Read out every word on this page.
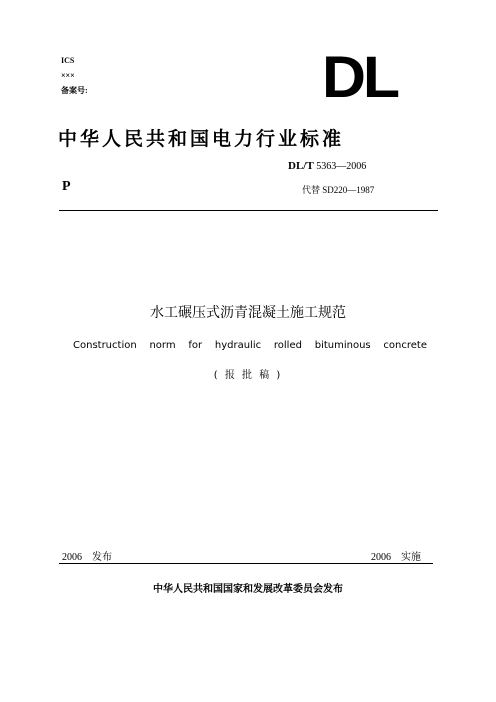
ICS
×××
备案号:	DL
中华人民共和国电力行业标准
DL/T 5363—2006
P	代替 SD220—1987
水工碾压式沥青混凝土施工规范
Construction norm for hydraulic rolled bituminous concrete
( 报 批 稿 )
2006 发布	2006 实施
中华人民共和国国家和发展改革委员会发布
